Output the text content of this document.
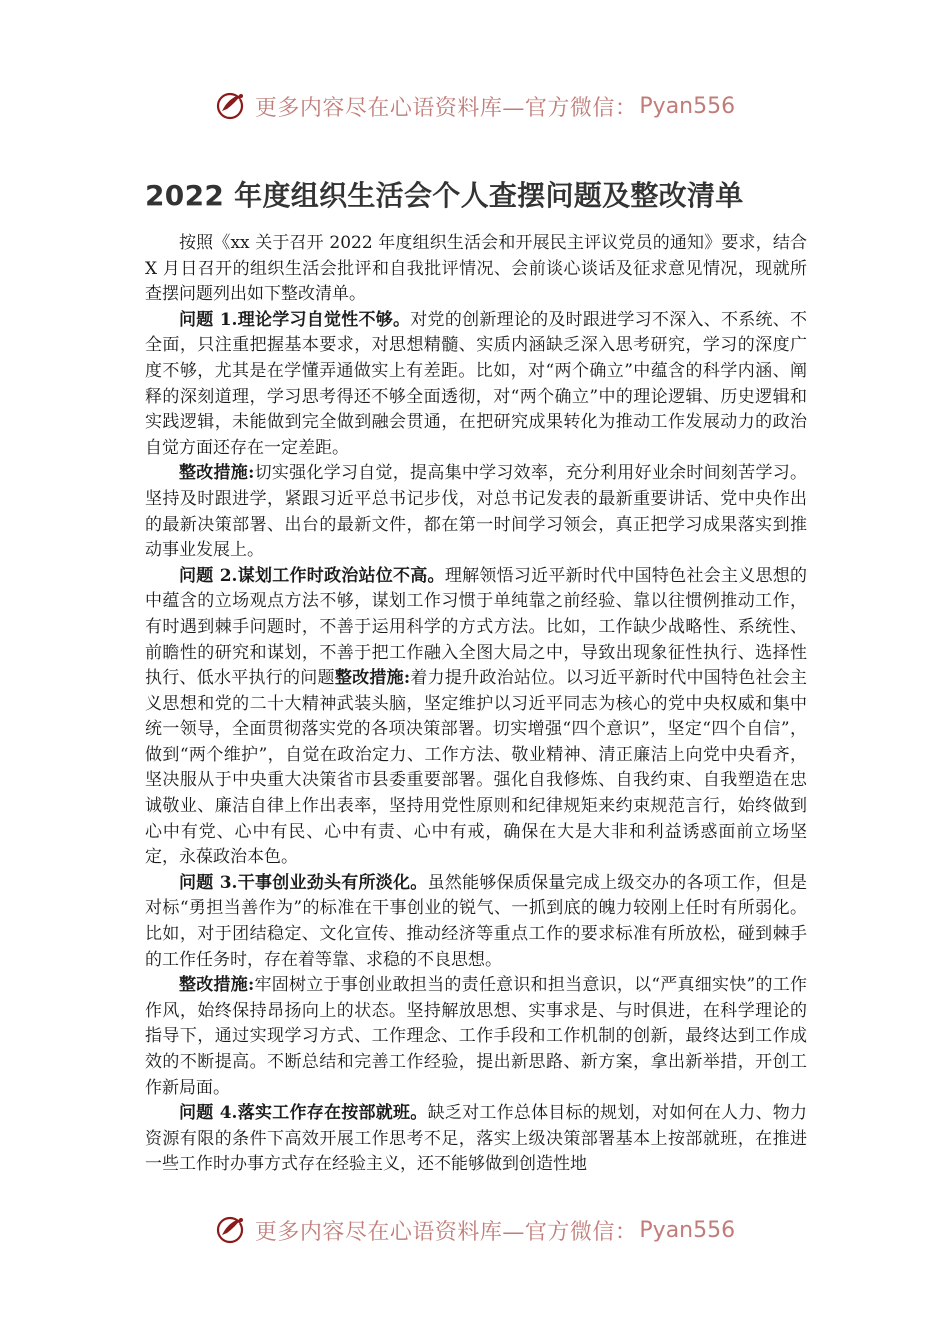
更多内容尽在心语资料库—官方微信： Pyan556
2022 年度组织生活会个人查摆问题及整改清单

按照《xx 关于召开 2022 年度组织生活会和开展民主评议党员的通知》要求，结合 X 月日召开的组织生活会批评和自我批评情况、会前谈心谈话及征求意见情况，现就所查摆问题列出如下整改清单。

问题 1.理论学习自觉性不够。对党的创新理论的及时跟进学习不深入、不系统、不全面，只注重把握基本要求，对思想精髓、实质内涵缺乏深入思考研究，学习的深度广度不够，尤其是在学懂弄通做实上有差距。比如，对“两个确立”中蕴含的科学内涵、阐释的深刻道理，学习思考得还不够全面透彻，对“两个确立”中的理论逻辑、历史逻辑和实践逻辑，未能做到完全做到融会贯通，在把研究成果转化为推动工作发展动力的政治自觉方面还存在一定差距。

整改措施:切实强化学习自觉，提高集中学习效率，充分利用好业余时间刻苦学习。坚持及时跟进学，紧跟习近平总书记步伐，对总书记发表的最新重要讲话、党中央作出的最新决策部署、出台的最新文件，都在第一时间学习领会，真正把学习成果落实到推动事业发展上。

问题 2.谋划工作时政治站位不高。理解领悟习近平新时代中国特色社会主义思想的中蕴含的立场观点方法不够，谋划工作习惯于单纯靠之前经验、靠以往惯例推动工作，有时遇到棘手问题时，不善于运用科学的方式方法。比如，工作缺少战略性、系统性、前瞻性的研究和谋划，不善于把工作融入全图大局之中，导致出现象征性执行、选择性执行、低水平执行的问题整改措施:着力提升政治站位。以习近平新时代中国特色社会主义思想和党的二十大精神武装头脑，坚定维护以习近平同志为核心的党中央权威和集中统一领导，全面贯彻落实党的各项决策部署。切实增强“四个意识”，坚定“四个自信”，做到“两个维护”，自觉在政治定力、工作方法、敬业精神、清正廉洁上向党中央看齐，坚决服从于中央重大决策省市县委重要部署。强化自我修炼、自我约束、自我塑造在忠诚敬业、廉洁自律上作出表率，坚持用党性原则和纪律规矩来约束规范言行，始终做到心中有党、心中有民、心中有责、心中有戒，确保在大是大非和利益诱惑面前立场坚定，永葆政治本色。

问题 3.干事创业劲头有所淡化。虽然能够保质保量完成上级交办的各项工作，但是对标“勇担当善作为”的标准在干事创业的锐气、一抓到底的魄力较刚上任时有所弱化。比如，对于团结稳定、文化宣传、推动经济等重点工作的要求标准有所放松，碰到棘手的工作任务时，存在着等靠、求稳的不良思想。

整改措施:牢固树立于事创业敢担当的责任意识和担当意识，以“严真细实快”的工作作风，始终保持昂扬向上的状态。坚持解放思想、实事求是、与时俱进，在科学理论的指导下，通过实现学习方式、工作理念、工作手段和工作机制的创新，最终达到工作成效的不断提高。不断总结和完善工作经验，提出新思路、新方案，拿出新举措，开创工作新局面。

问题 4.落实工作存在按部就班。缺乏对工作总体目标的规划，对如何在人力、物力资源有限的条件下高效开展工作思考不足，落实上级决策部署基本上按部就班，在推进一些工作时办事方式存在经验主义，还不能够做到创造性地

更多内容尽在心语资料库—官方微信： Pyan556
